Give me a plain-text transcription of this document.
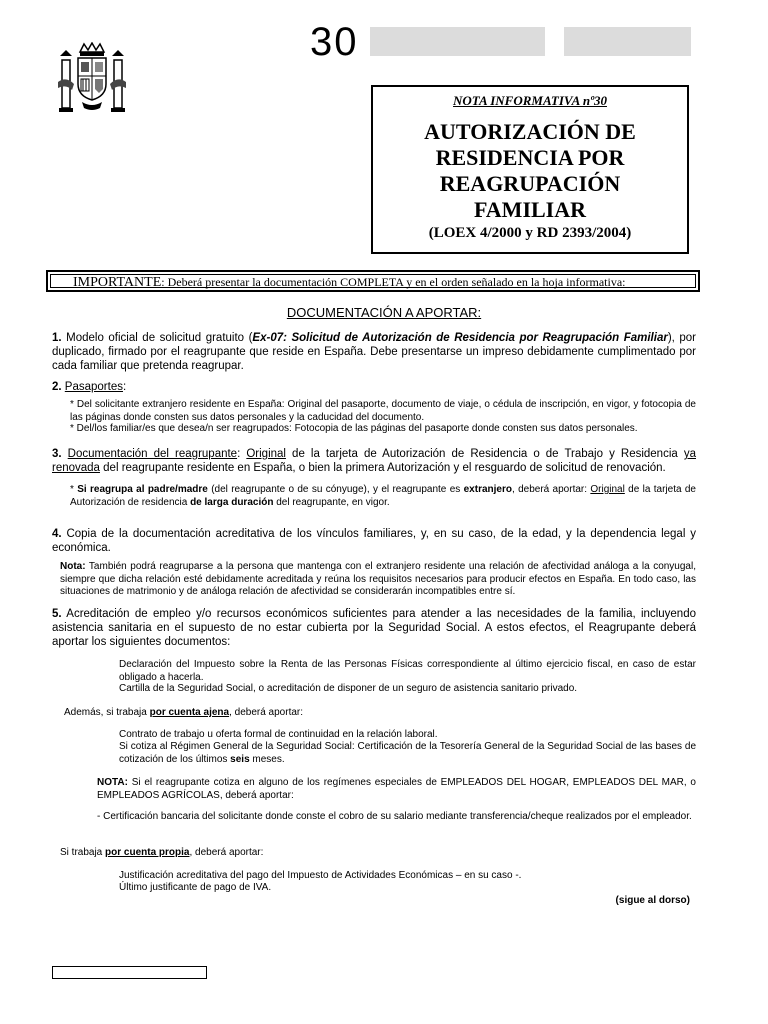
30
NOTA INFORMATIVA nº30
AUTORIZACIÓN DE
RESIDENCIA POR
REAGRUPACIÓN
FAMILIAR
(LOEX 4/2000 y RD 2393/2004)
IMPORTANTE: Deberá presentar la documentación COMPLETA y en el orden señalado en la hoja informativa:
DOCUMENTACIÓN A APORTAR:
1. Modelo oficial de solicitud gratuito (Ex-07: Solicitud de Autorización de Residencia por Reagrupación Familiar), por duplicado, firmado por el reagrupante que reside en España. Debe presentarse un impreso debidamente cumplimentado por cada familiar que pretenda reagrupar.
2. Pasaportes:
* Del solicitante extranjero residente en España: Original del pasaporte, documento de viaje, o cédula de inscripción, en vigor, y fotocopia de las páginas donde consten sus datos personales y la caducidad del documento.
* Del/los familiar/es que desea/n ser reagrupados: Fotocopia de las páginas del pasaporte donde consten sus datos personales.
3. Documentación del reagrupante: Original de la tarjeta de Autorización de Residencia o de Trabajo y Residencia ya renovada del reagrupante residente en España, o bien la primera Autorización y el resguardo de solicitud de renovación.
* Si reagrupa al padre/madre (del reagrupante o de su cónyuge), y el reagrupante es extranjero, deberá aportar: Original de la tarjeta de Autorización de residencia de larga duración del reagrupante, en vigor.
4. Copia de la documentación acreditativa de los vínculos familiares, y, en su caso, de la edad, y la dependencia legal y económica.
Nota: También podrá reagruparse a la persona que mantenga con el extranjero residente una relación de afectividad análoga a la conyugal, siempre que dicha relación esté debidamente acreditada y reúna los requisitos necesarios para producir efectos en España. En todo caso, las situaciones de matrimonio y de análoga relación de afectividad se considerarán incompatibles entre sí.
5. Acreditación de empleo y/o recursos económicos suficientes para atender a las necesidades de la familia, incluyendo asistencia sanitaria en el supuesto de no estar cubierta por la Seguridad Social. A estos efectos, el Reagrupante deberá aportar los siguientes documentos:
Declaración del Impuesto sobre la Renta de las Personas Físicas correspondiente al último ejercicio fiscal, en caso de estar obligado a hacerla.
Cartilla de la Seguridad Social, o acreditación de disponer de un seguro de asistencia sanitario privado.
Además, si trabaja por cuenta ajena, deberá aportar:
Contrato de trabajo u oferta formal de continuidad en la relación laboral.
Si cotiza al Régimen General de la Seguridad Social: Certificación de la Tesorería General de la Seguridad Social de las bases de cotización de los últimos seis meses.
NOTA: Si el reagrupante cotiza en alguno de los regímenes especiales de EMPLEADOS DEL HOGAR, EMPLEADOS DEL MAR, o EMPLEADOS AGRÍCOLAS, deberá aportar:
- Certificación bancaria del solicitante donde conste el cobro de su salario mediante transferencia/cheque realizados por el empleador.
Si trabaja por cuenta propia, deberá aportar:
Justificación acreditativa del pago del Impuesto de Actividades Económicas – en su caso -.
Último justificante de pago de IVA.
(sigue al dorso)
